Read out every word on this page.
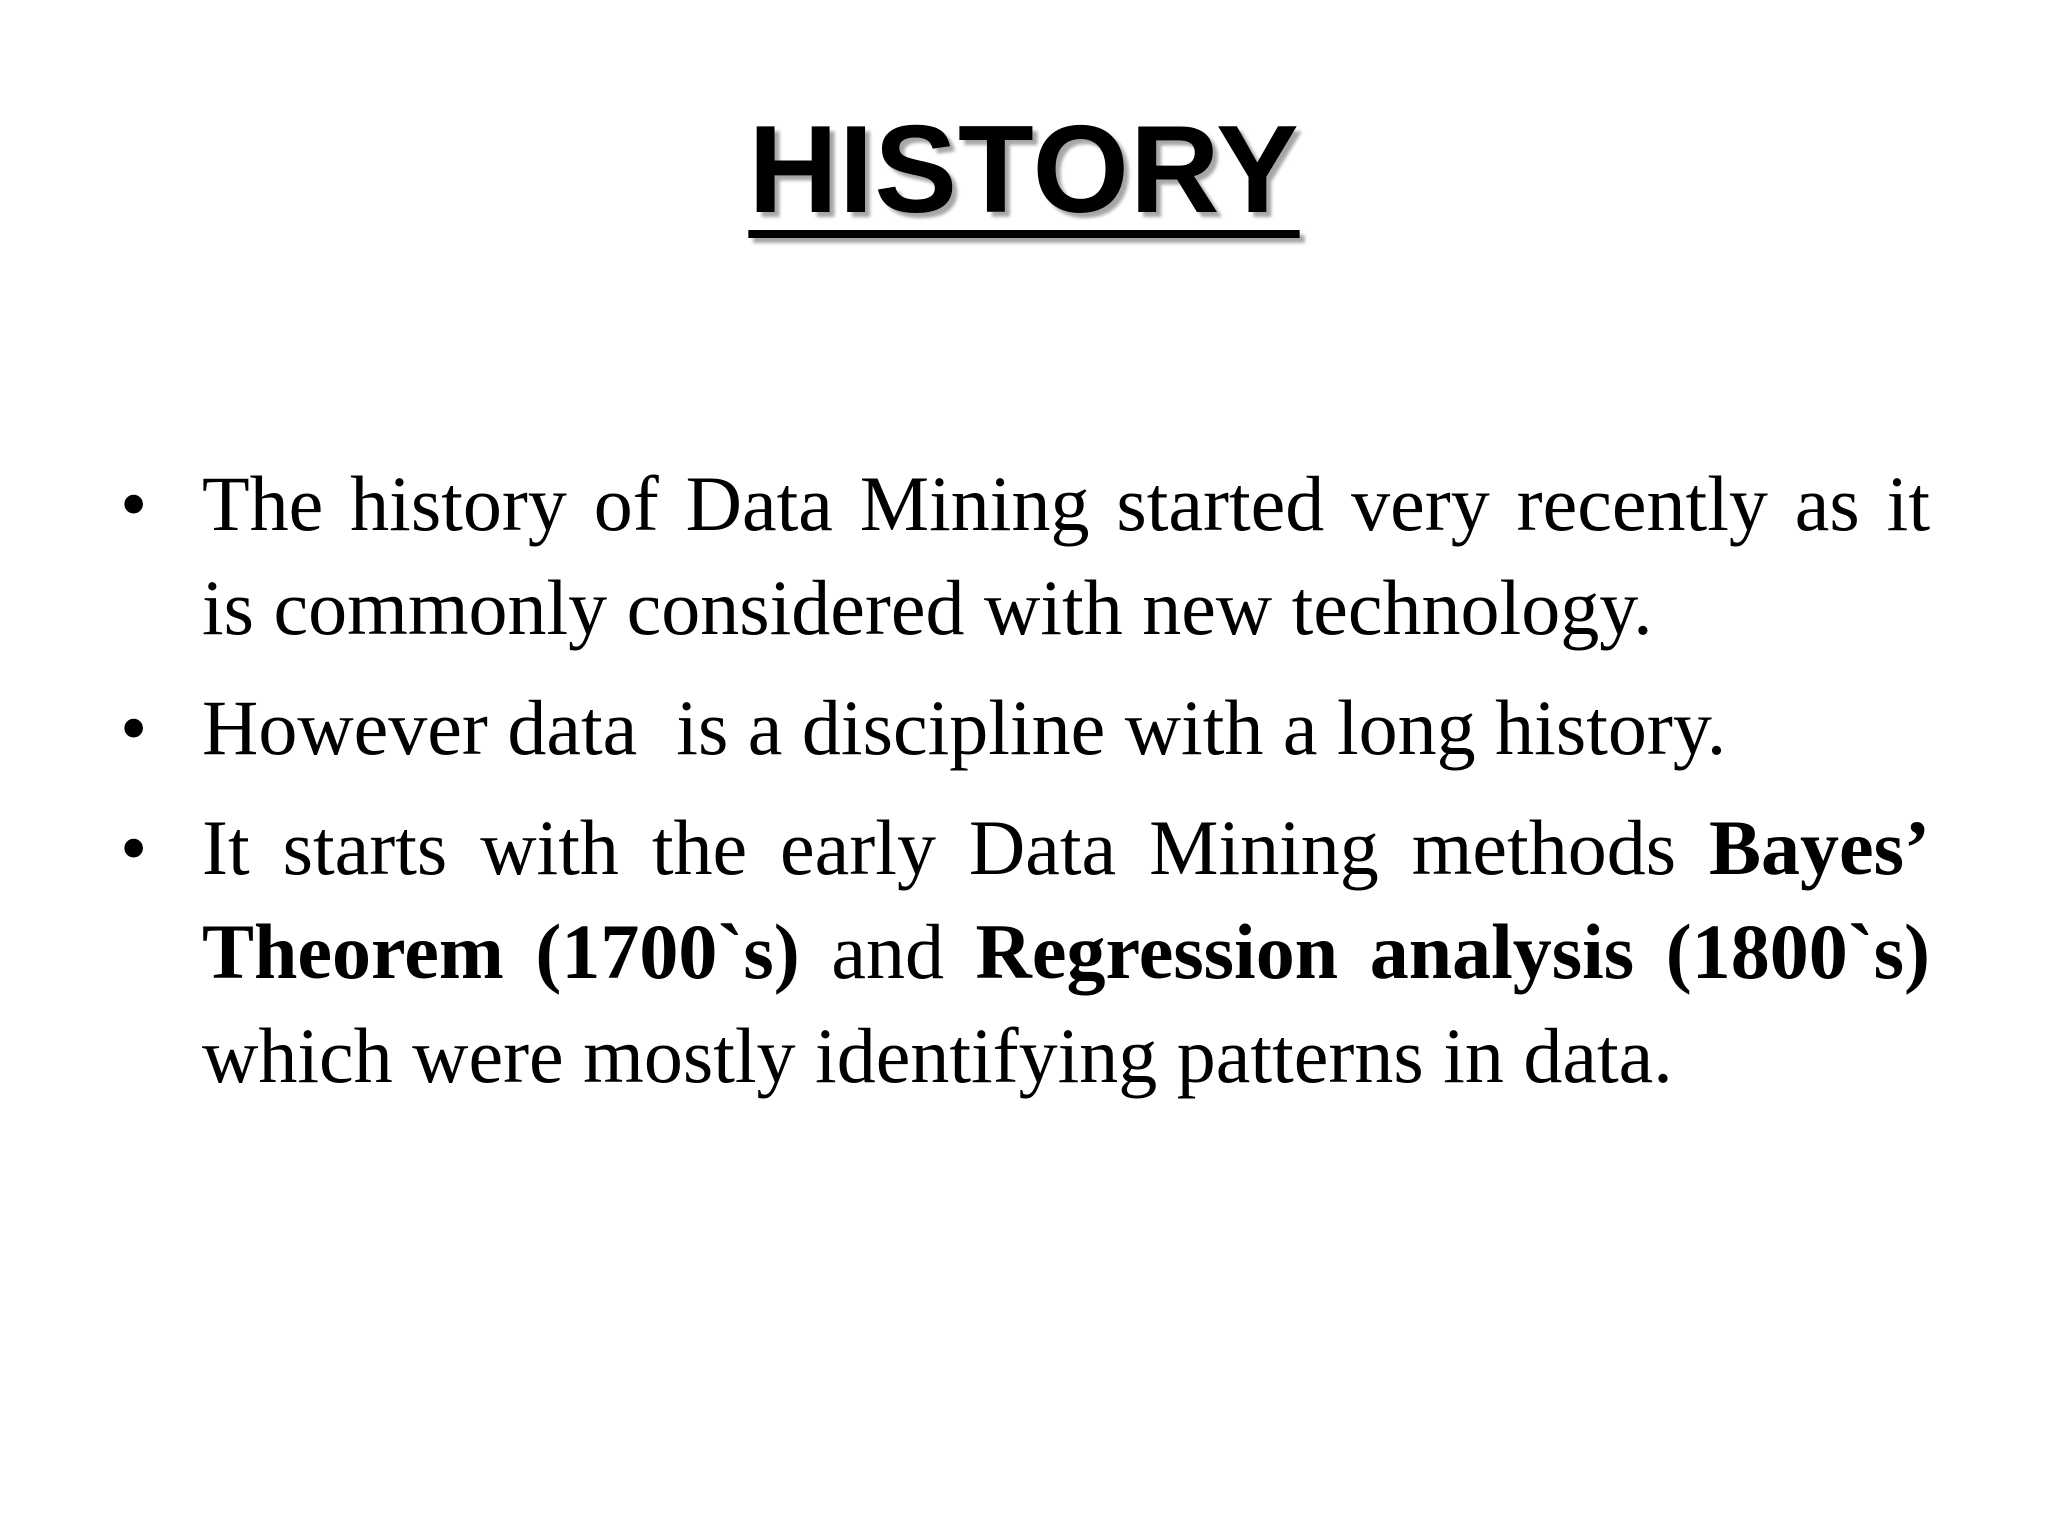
HISTORY
• The history of Data Mining started very recently as it is commonly considered with new technology.
• However data  is a discipline with a long history.
• It starts with the early Data Mining methods Bayes’ Theorem (1700`s) and Regression analysis (1800`s) which were mostly identifying patterns in data.
